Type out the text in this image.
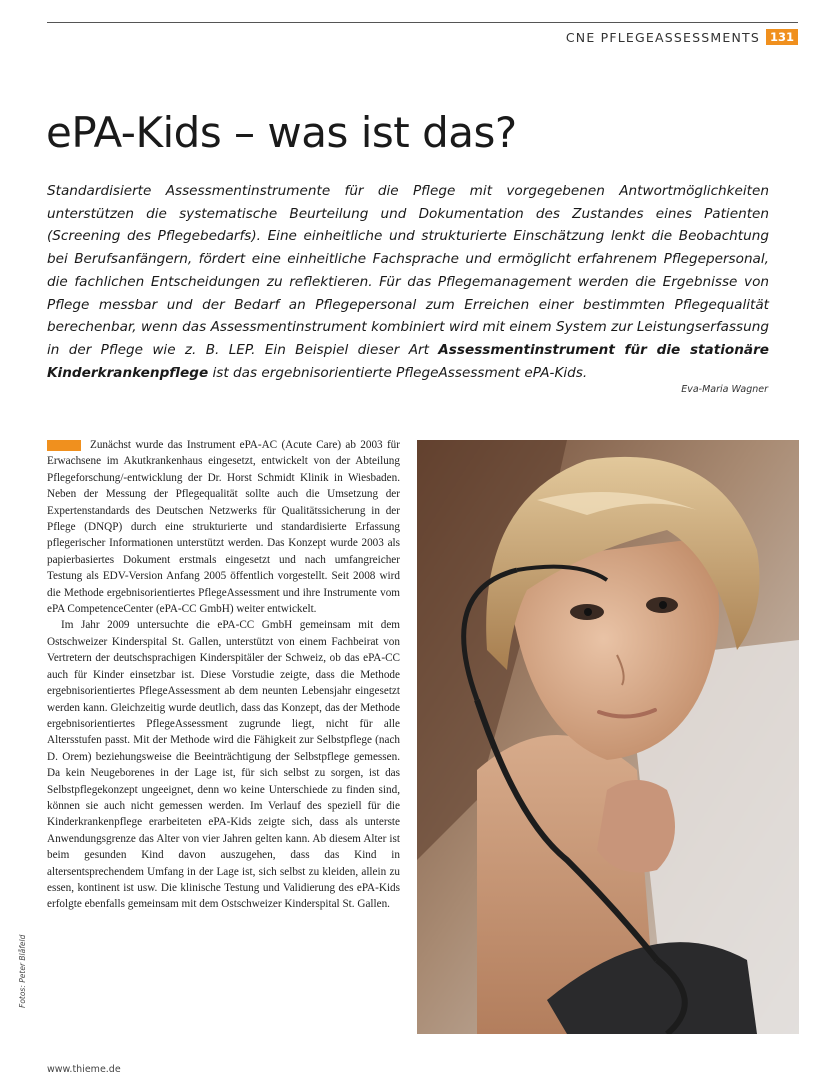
CNE PFLEGEASSESSMENTS 131
ePA-Kids – was ist das?
Standardisierte Assessmentinstrumente für die Pflege mit vorgegebenen Antwortmöglichkeiten unterstützen die systematische Beurteilung und Dokumentation des Zustandes eines Patienten (Screening des Pflegebedarfs). Eine einheitliche und strukturierte Einschätzung lenkt die Beobachtung bei Berufsanfängern, fördert eine einheitliche Fachsprache und ermöglicht erfahrenem Pflegepersonal, die fachlichen Entscheidungen zu reflektieren. Für das Pflegemanagement werden die Ergebnisse von Pflege messbar und der Bedarf an Pflegepersonal zum Erreichen einer bestimmten Pflegequalität berechenbar, wenn das Assessmentinstrument kombiniert wird mit einem System zur Leistungserfassung in der Pflege wie z. B. LEP. Ein Beispiel dieser Art Assessmentinstrument für die stationäre Kinderkrankenpflege ist das ergebnisorientierte PflegeAssessment ePA-Kids.
Eva-Maria Wagner

Zunächst wurde das Instrument ePA-AC (Acute Care) ab 2003 für Erwachsene im Akutkrankenhaus eingesetzt, entwickelt von der Abteilung Pflegeforschung/-entwicklung der Dr. Horst Schmidt Klinik in Wiesbaden. Neben der Messung der Pflegequalität sollte auch die Umsetzung der Expertenstandards des Deutschen Netzwerks für Qualitätssicherung in der Pflege (DNQP) durch eine strukturierte und standardisierte Erfassung pflegerischer Informationen unterstützt werden. Das Konzept wurde 2003 als papierbasiertes Dokument erstmals eingesetzt und nach umfangreicher Testung als EDV-Version Anfang 2005 öffentlich vorgestellt. Seit 2008 wird die Methode ergebnisorientiertes PflegeAssessment und ihre Instrumente vom ePA CompetenceCenter (ePA-CC GmbH) weiter entwickelt.

Im Jahr 2009 untersuchte die ePA-CC GmbH gemeinsam mit dem Ostschweizer Kinderspital St. Gallen, unterstützt von einem Fachbeirat von Vertretern der deutschsprachigen Kinderspitäler der Schweiz, ob das ePA-CC auch für Kinder einsetzbar ist. Diese Vorstudie zeigte, dass die Methode ergebnisorientiertes PflegeAssessment ab dem neunten Lebensjahr eingesetzt werden kann. Gleichzeitig wurde deutlich, dass das Konzept, das der Methode ergebnisorientiertes PflegeAssessment zugrunde liegt, nicht für alle Altersstufen passt. Mit der Methode wird die Fähigkeit zur Selbstpflege (nach D. Orem) beziehungsweise die Beeinträchtigung der Selbstpflege gemessen. Da kein Neugeborenes in der Lage ist, für sich selbst zu sorgen, ist das Selbstpflegekonzept ungeeignet, denn wo keine Unterschiede zu finden sind, können sie auch nicht gemessen werden. Im Verlauf des speziell für die Kinderkrankenpflege erarbeiteten ePA-Kids zeigte sich, dass als unterste Anwendungsgrenze das Alter von vier Jahren gelten kann. Ab diesem Alter ist beim gesunden Kind davon auszugehen, dass das Kind in altersentsprechendem Umfang in der Lage ist, sich selbst zu kleiden, allein zu essen, kontinent ist usw. Die klinische Testung und Validierung des ePA-Kids erfolgte ebenfalls gemeinsam mit dem Ostschweizer Kinderspital St. Gallen.

Fotos: Peter Blåfeld
www.thieme.de
